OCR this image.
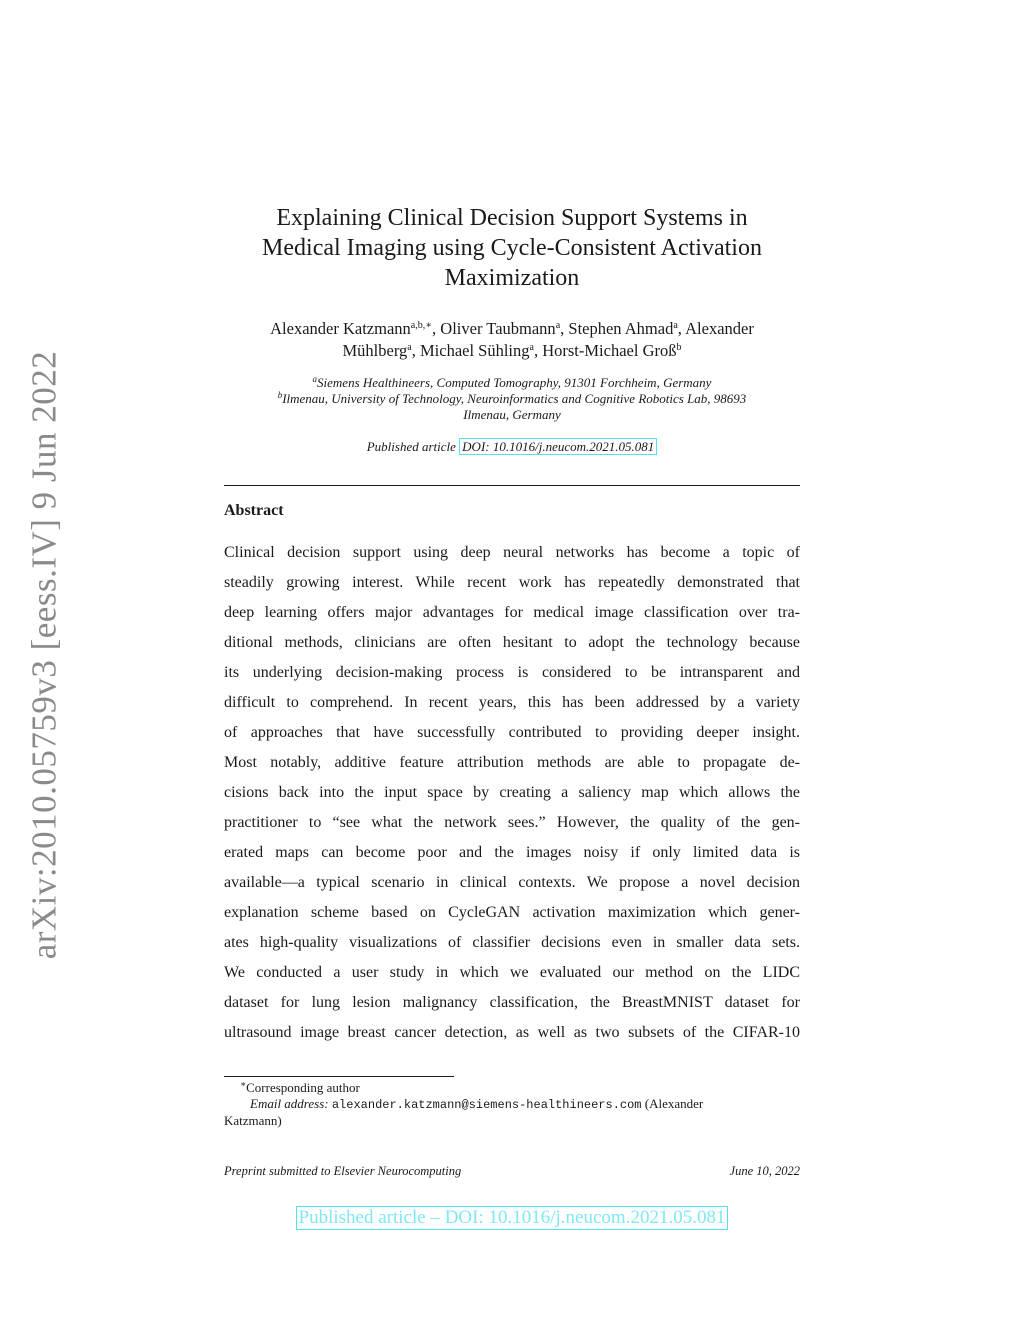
arXiv:2010.05759v3 [eess.IV] 9 Jun 2022
Explaining Clinical Decision Support Systems in
Medical Imaging using Cycle-Consistent Activation
Maximization
Alexander Katzmann$^{a,b,∗}$, Oliver Taubmann$^a$, Stephen Ahmad$^a$, Alexander
Mühlberg$^a$, Michael Sühling$^a$, Horst-Michael Groß$^b$
$^a$Siemens Healthineers, Computed Tomography, 91301 Forchheim, Germany
$^b$Ilmenau, University of Technology, Neuroinformatics and Cognitive Robotics Lab, 98693
Ilmenau, Germany
Published article DOI: 10.1016/j.neucom.2021.05.081
Abstract
Clinical decision support using deep neural networks has become a topic of
steadily growing interest. While recent work has repeatedly demonstrated that
deep learning offers major advantages for medical image classification over tra-
ditional methods, clinicians are often hesitant to adopt the technology because
its underlying decision-making process is considered to be intransparent and
difficult to comprehend. In recent years, this has been addressed by a variety
of approaches that have successfully contributed to providing deeper insight.
Most notably, additive feature attribution methods are able to propagate de-
cisions back into the input space by creating a saliency map which allows the
practitioner to “see what the network sees.” However, the quality of the gen-
erated maps can become poor and the images noisy if only limited data is
available—a typical scenario in clinical contexts. We propose a novel decision
explanation scheme based on CycleGAN activation maximization which gener-
ates high-quality visualizations of classifier decisions even in smaller data sets.
We conducted a user study in which we evaluated our method on the LIDC
dataset for lung lesion malignancy classification, the BreastMNIST dataset for
ultrasound image breast cancer detection, as well as two subsets of the CIFAR-10
∗Corresponding author
Email address: alexander.katzmann@siemens-healthineers.com (Alexander
Katzmann)
Preprint submitted to Elsevier Neurocomputing	June 10, 2022
Published article – DOI: 10.1016/j.neucom.2021.05.081
